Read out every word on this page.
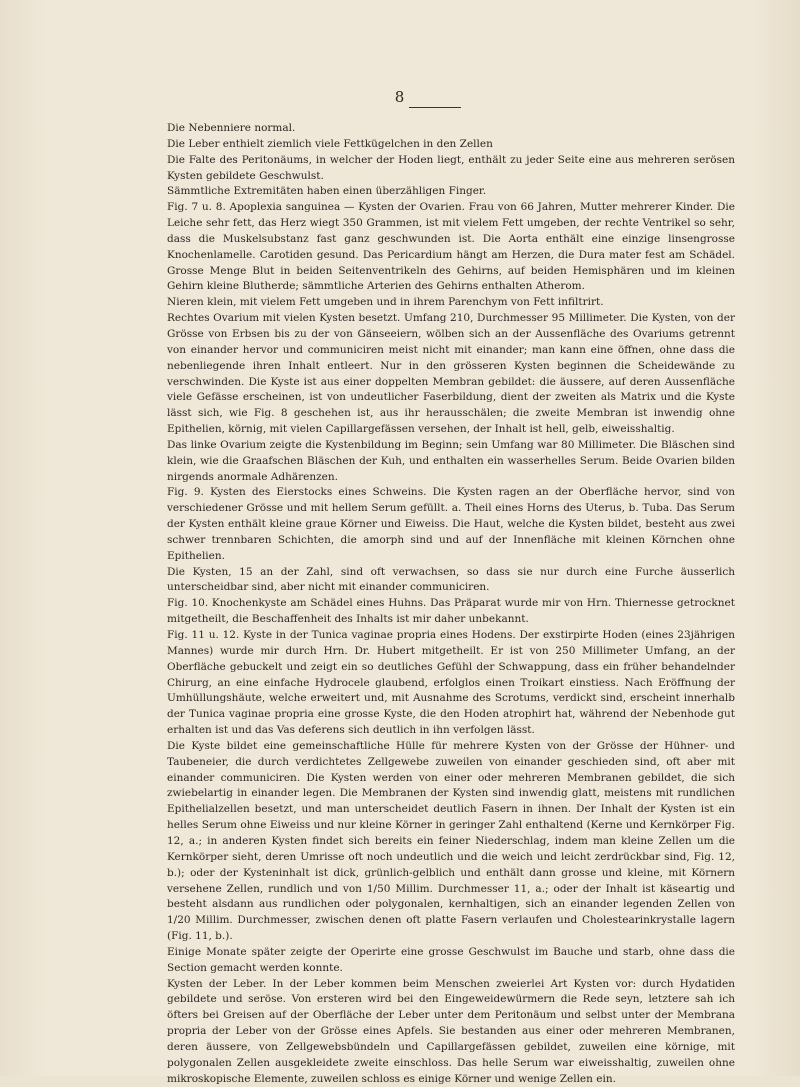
8

Die Nebenniere normal.

Die Leber enthielt ziemlich viele Fettkügelchen in den Zellen

Die Falte des Peritonäums, in welcher der Hoden liegt, enthält zu jeder Seite eine aus mehreren serösen Kysten gebildete Geschwulst.

Sämmtliche Extremitäten haben einen überzähligen Finger.

Fig. 7 u. 8. Apoplexia sanguinea — Kysten der Ovarien. Frau von 66 Jahren, Mutter mehrerer Kinder. Die Leiche sehr fett, das Herz wiegt 350 Grammen, ist mit vielem Fett umgeben, der rechte Ventrikel so sehr, dass die Muskelsubstanz fast ganz geschwunden ist. Die Aorta enthält eine einzige linsengrosse Knochenlamelle. Carotiden gesund. Das Pericardium hängt am Herzen, die Dura mater fest am Schädel. Grosse Menge Blut in beiden Seitenventrikeln des Gehirns, auf beiden Hemisphären und im kleinen Gehirn kleine Blutherde; sämmtliche Arterien des Gehirns enthalten Atherom.

Nieren klein, mit vielem Fett umgeben und in ihrem Parenchym von Fett infiltrirt.

Rechtes Ovarium mit vielen Kysten besetzt. Umfang 210, Durchmesser 95 Millimeter. Die Kysten, von der Grösse von Erbsen bis zu der von Gänseeiern, wölben sich an der Aussenfläche des Ovariums getrennt von einander hervor und communiciren meist nicht mit einander; man kann eine öffnen, ohne dass die nebenliegende ihren Inhalt entleert. Nur in den grösseren Kysten beginnen die Scheidewände zu verschwinden. Die Kyste ist aus einer doppelten Membran gebildet: die äussere, auf deren Aussenfläche viele Gefässe erscheinen, ist von undeutlicher Faserbildung, dient der zweiten als Matrix und die Kyste lässt sich, wie Fig. 8 geschehen ist, aus ihr herausschälen; die zweite Membran ist inwendig ohne Epithelien, körnig, mit vielen Capillargefässen versehen, der Inhalt ist hell, gelb, eiweisshaltig.

Das linke Ovarium zeigte die Kystenbildung im Beginn; sein Umfang war 80 Millimeter. Die Bläschen sind klein, wie die Graafschen Bläschen der Kuh, und enthalten ein wasserhelles Serum. Beide Ovarien bilden nirgends anormale Adhärenzen.

Fig. 9. Kysten des Eierstocks eines Schweins. Die Kysten ragen an der Oberfläche hervor, sind von verschiedener Grösse und mit hellem Serum gefüllt. a. Theil eines Horns des Uterus, b. Tuba. Das Serum der Kysten enthält kleine graue Körner und Eiweiss. Die Haut, welche die Kysten bildet, besteht aus zwei schwer trennbaren Schichten, die amorph sind und auf der Innenfläche mit kleinen Körnchen ohne Epithelien.

Die Kysten, 15 an der Zahl, sind oft verwachsen, so dass sie nur durch eine Furche äusserlich unterscheidbar sind, aber nicht mit einander communiciren.

Fig. 10. Knochenkyste am Schädel eines Huhns. Das Präparat wurde mir von Hrn. Thiernesse getrocknet mitgetheilt, die Beschaffenheit des Inhalts ist mir daher unbekannt.

Fig. 11 u. 12. Kyste in der Tunica vaginae propria eines Hodens. Der exstirpirte Hoden (eines 23jährigen Mannes) wurde mir durch Hrn. Dr. Hubert mitgetheilt. Er ist von 250 Millimeter Umfang, an der Oberfläche gebuckelt und zeigt ein so deutliches Gefühl der Schwappung, dass ein früher behandelnder Chirurg, an eine einfache Hydrocele glaubend, erfolglos einen Troikart einstiess. Nach Eröffnung der Umhüllungshäute, welche erweitert und, mit Ausnahme des Scrotums, verdickt sind, erscheint innerhalb der Tunica vaginae propria eine grosse Kyste, die den Hoden atrophirt hat, während der Nebenhode gut erhalten ist und das Vas deferens sich deutlich in ihn verfolgen lässt.

Die Kyste bildet eine gemeinschaftliche Hülle für mehrere Kysten von der Grösse der Hühner- und Taubeneier, die durch verdichtetes Zellgewebe zuweilen von einander geschieden sind, oft aber mit einander communiciren. Die Kysten werden von einer oder mehreren Membranen gebildet, die sich zwiebelartig in einander legen. Die Membranen der Kysten sind inwendig glatt, meistens mit rundlichen Epithelialzellen besetzt, und man unterscheidet deutlich Fasern in ihnen. Der Inhalt der Kysten ist ein helles Serum ohne Eiweiss und nur kleine Körner in geringer Zahl enthaltend (Kerne und Kernkörper Fig. 12, a.; in anderen Kysten findet sich bereits ein feiner Niederschlag, indem man kleine Zellen um die Kernkörper sieht, deren Umrisse oft noch undeutlich und die weich und leicht zerdrückbar sind, Fig. 12, b.); oder der Kysteninhalt ist dick, grünlich-gelblich und enthält dann grosse und kleine, mit Körnern versehene Zellen, rundlich und von 1/50 Millim. Durchmesser 11, a.; oder der Inhalt ist käseartig und besteht alsdann aus rundlichen oder polygonalen, kernhaltigen, sich an einander legenden Zellen von 1/20 Millim. Durchmesser, zwischen denen oft platte Fasern verlaufen und Cholestearinkrystalle lagern (Fig. 11, b.).

Einige Monate später zeigte der Operirte eine grosse Geschwulst im Bauche und starb, ohne dass die Section gemacht werden konnte.

Kysten der Leber. In der Leber kommen beim Menschen zweierlei Art Kysten vor: durch Hydatiden gebildete und seröse. Von ersteren wird bei den Eingeweidewürmern die Rede seyn, letztere sah ich öfters bei Greisen auf der Oberfläche der Leber unter dem Peritonäum und selbst unter der Membrana propria der Leber von der Grösse eines Apfels. Sie bestanden aus einer oder mehreren Membranen, deren äussere, von Zellgewebsbündeln und Capillargefässen gebildet, zuweilen eine körnige, mit polygonalen Zellen ausgekleidete zweite einschloss. Das helle Serum war eiweisshaltig, zuweilen ohne mikroskopische Elemente, zuweilen schloss es einige Körner und wenige Zellen ein.
